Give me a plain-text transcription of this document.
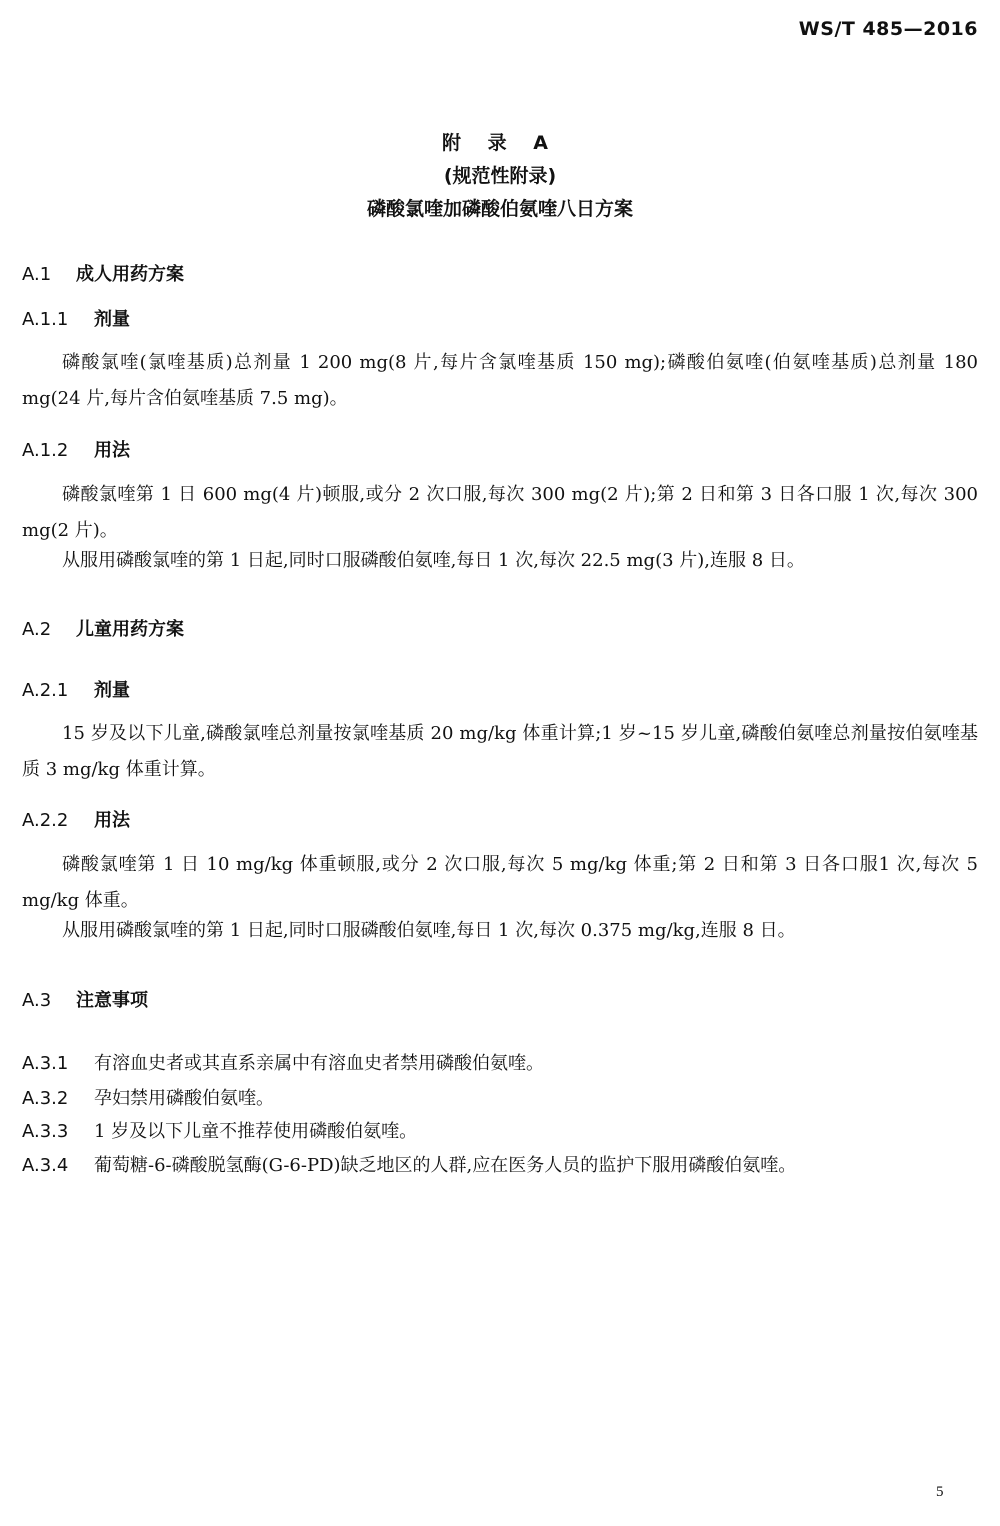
WS/T 485—2016
附 录 A
(规范性附录)
磷酸氯喹加磷酸伯氨喹八日方案
A.1 成人用药方案
A.1.1 剂量
磷酸氯喹(氯喹基质)总剂量 1 200 mg(8 片,每片含氯喹基质 150 mg);磷酸伯氨喹(伯氨喹基质)总剂量 180 mg(24 片,每片含伯氨喹基质 7.5 mg)。
A.1.2 用法
磷酸氯喹第 1 日 600 mg(4 片)顿服,或分 2 次口服,每次 300 mg(2 片);第 2 日和第 3 日各口服 1 次,每次 300 mg(2 片)。
从服用磷酸氯喹的第 1 日起,同时口服磷酸伯氨喹,每日 1 次,每次 22.5 mg(3 片),连服 8 日。
A.2 儿童用药方案
A.2.1 剂量
15 岁及以下儿童,磷酸氯喹总剂量按氯喹基质 20 mg/kg 体重计算;1 岁~15 岁儿童,磷酸伯氨喹总剂量按伯氨喹基质 3 mg/kg 体重计算。
A.2.2 用法
磷酸氯喹第 1 日 10 mg/kg 体重顿服,或分 2 次口服,每次 5 mg/kg 体重;第 2 日和第 3 日各口服1 次,每次 5 mg/kg 体重。
从服用磷酸氯喹的第 1 日起,同时口服磷酸伯氨喹,每日 1 次,每次 0.375 mg/kg,连服 8 日。
A.3 注意事项
A.3.1 有溶血史者或其直系亲属中有溶血史者禁用磷酸伯氨喹。
A.3.2 孕妇禁用磷酸伯氨喹。
A.3.3 1 岁及以下儿童不推荐使用磷酸伯氨喹。
A.3.4 葡萄糖-6-磷酸脱氢酶(G-6-PD)缺乏地区的人群,应在医务人员的监护下服用磷酸伯氨喹。
5
